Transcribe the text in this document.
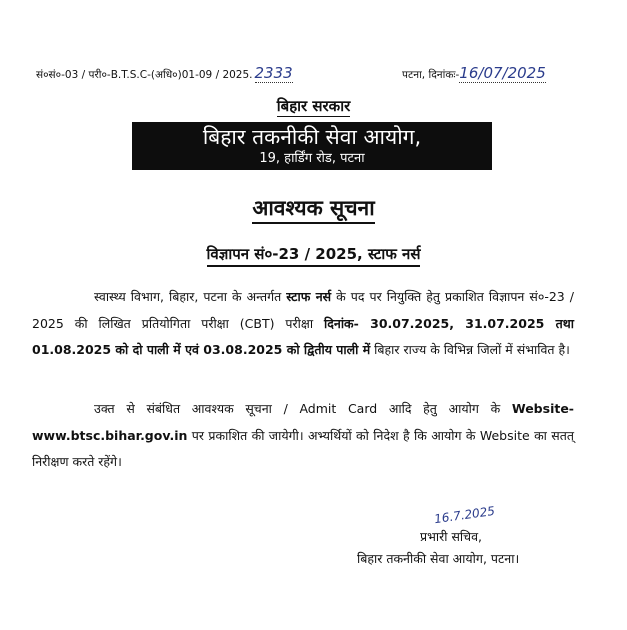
सं०सं०-03 / परी०-B.T.S.C-(अधि०)01-09 / 2025. 2333	पटना, दिनांकः-16/07/2025
बिहार सरकार
बिहार तकनीकी सेवा आयोग,
19, हार्डिंग रोड, पटना
आवश्यक सूचना
विज्ञापन सं०-23 / 2025, स्टाफ नर्स
स्वास्थ्य विभाग, बिहार, पटना के अन्तर्गत स्टाफ नर्स के पद पर नियुक्ति हेतु प्रकाशित विज्ञापन सं०-23 / 2025 की लिखित प्रतियोगिता परीक्षा (CBT) परीक्षा दिनांक- 30.07.2025, 31.07.2025 तथा 01.08.2025 को दो पाली में एवं 03.08.2025 को द्वितीय पाली में बिहार राज्य के विभिन्न जिलों में संभावित है।
उक्त से संबंधित आवश्यक सूचना / Admit Card आदि हेतु आयोग के Website- www.btsc.bihar.gov.in पर प्रकाशित की जायेगी। अभ्यर्थियों को निदेश है कि आयोग के Website का सतत् निरीक्षण करते रहेंगे।
16.7.2025
प्रभारी सचिव,
बिहार तकनीकी सेवा आयोग, पटना।
